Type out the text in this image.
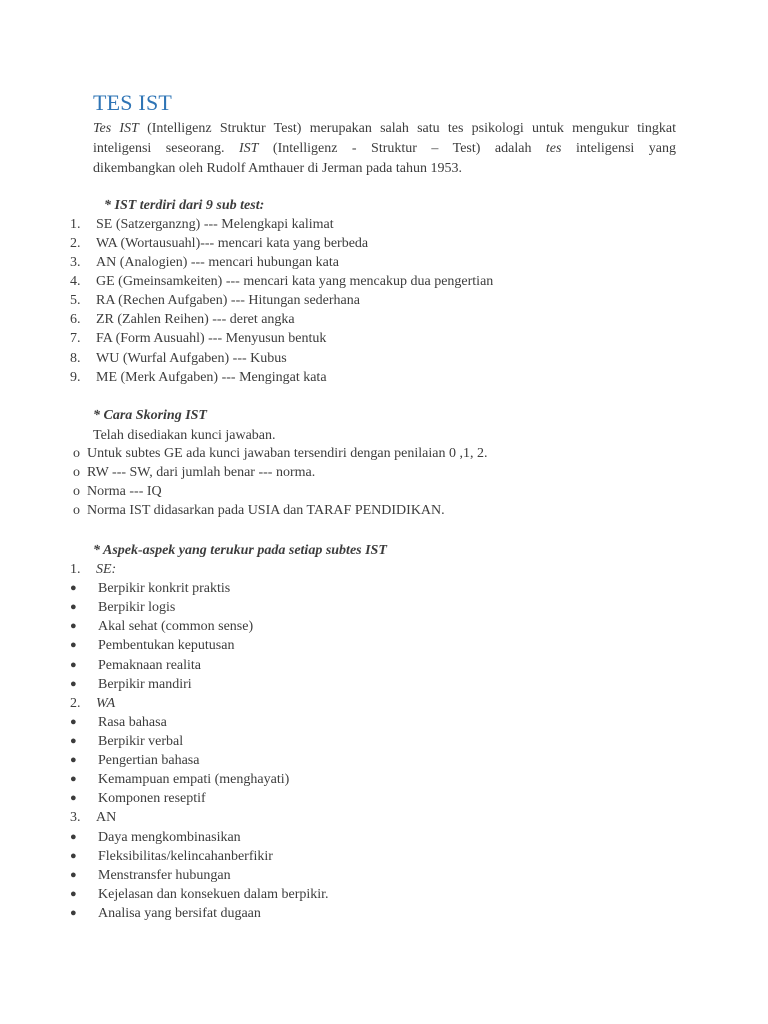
TES IST
Tes IST (Intelligenz Struktur Test) merupakan salah satu tes psikologi untuk mengukur tingkat
inteligensi seseorang. IST (Intelligenz - Struktur – Test) adalah tes inteligensi yang
dikembangkan oleh Rudolf Amthauer di Jerman pada tahun 1953.
* IST terdiri dari 9 sub test:
1. SE (Satzerganzng) --- Melengkapi kalimat
2. WA (Wortausuahl)--- mencari kata yang berbeda
3. AN (Analogien) --- mencari hubungan kata
4. GE (Gmeinsamkeiten) --- mencari kata yang mencakup dua pengertian
5. RA (Rechen Aufgaben) --- Hitungan sederhana
6. ZR (Zahlen Reihen) --- deret angka
7. FA (Form Ausuahl) --- Menyusun bentuk
8. WU (Wurfal Aufgaben) --- Kubus
9. ME (Merk Aufgaben) --- Mengingat kata
* Cara Skoring IST
Telah disediakan kunci jawaban.
o Untuk subtes GE ada kunci jawaban tersendiri dengan penilaian 0 ,1, 2.
o RW --- SW, dari jumlah benar --- norma.
o Norma --- IQ
o Norma IST didasarkan pada USIA dan TARAF PENDIDIKAN.
* Aspek-aspek yang terukur pada setiap subtes IST
1. SE:
● Berpikir konkrit praktis
● Berpikir logis
● Akal sehat (common sense)
● Pembentukan keputusan
● Pemaknaan realita
● Berpikir mandiri
2. WA
● Rasa bahasa
● Berpikir verbal
● Pengertian bahasa
● Kemampuan empati (menghayati)
● Komponen reseptif
3. AN
● Daya mengkombinasikan
● Fleksibilitas/kelincahanberfikir
● Menstransfer hubungan
● Kejelasan dan konsekuen dalam berpikir.
● Analisa yang bersifat dugaan
